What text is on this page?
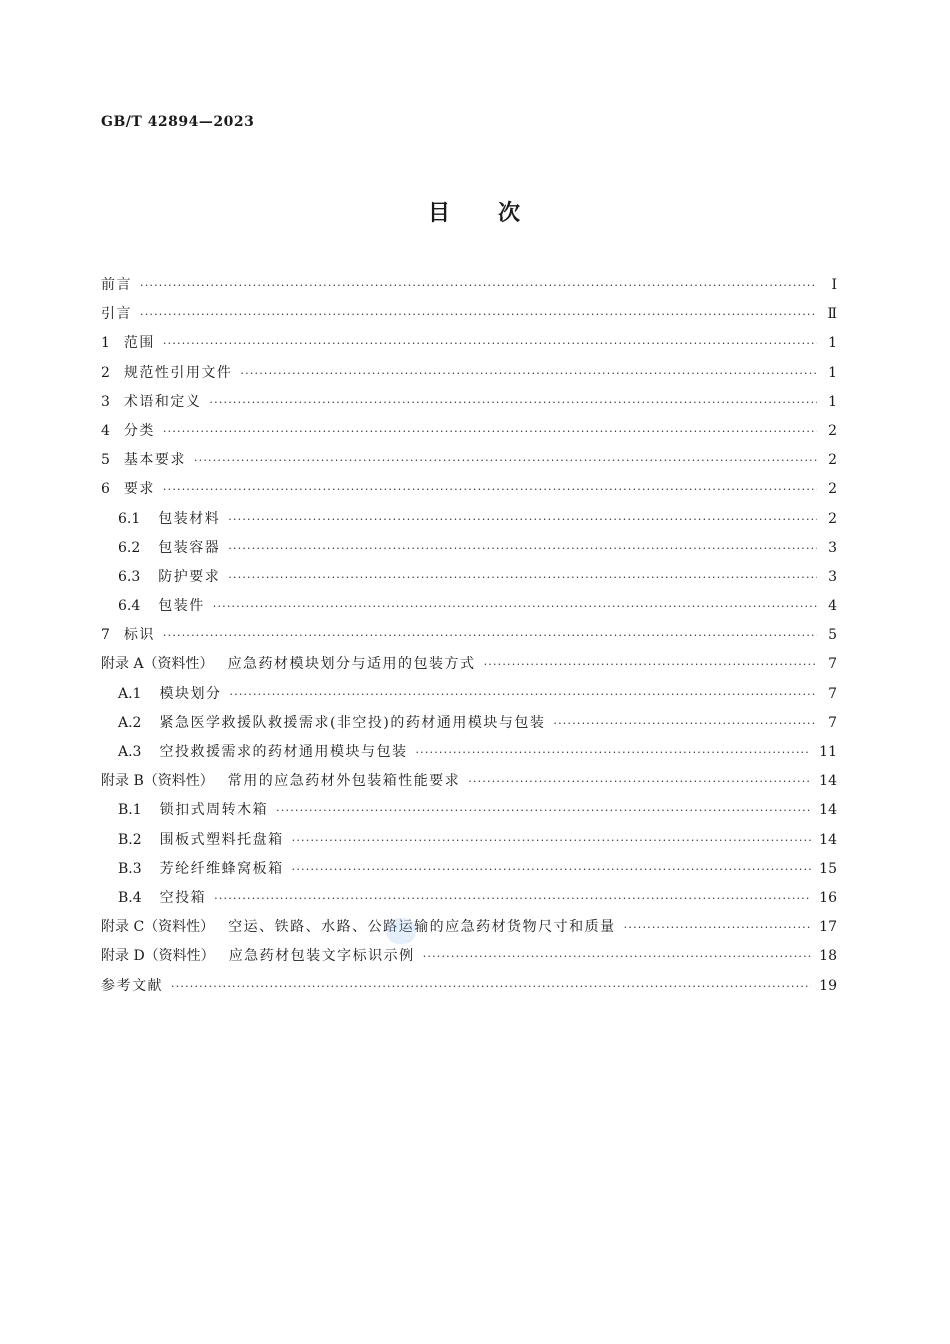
GB/T 42894—2023
目 次
前言 ·····	Ⅰ
引言 ·····	Ⅱ
1 范围 ·····	1
2 规范性引用文件 ·····	1
3 术语和定义 ·····	1
4 分类 ·····	2
5 基本要求 ·····	2
6 要求 ·····	2
6.1 包装材料 ·····	2
6.2 包装容器 ·····	3
6.3 防护要求 ·····	3
6.4 包装件 ·····	4
7 标识 ·····	5
附录 A（资料性） 应急药材模块划分与适用的包装方式 ·····	7
A.1 模块划分 ·····	7
A.2 紧急医学救援队救援需求(非空投)的药材通用模块与包装 ·····	7
A.3 空投救援需求的药材通用模块与包装 ·····	11
附录 B（资料性） 常用的应急药材外包装箱性能要求 ·····	14
B.1 锁扣式周转木箱 ·····	14
B.2 围板式塑料托盘箱 ·····	14
B.3 芳纶纤维蜂窝板箱 ·····	15
B.4 空投箱 ·····	16
附录 C（资料性） 空运、铁路、水路、公路运输的应急药材货物尺寸和质量 ·····	17
附录 D（资料性） 应急药材包装文字标识示例 ·····	18
参考文献 ·····	19
